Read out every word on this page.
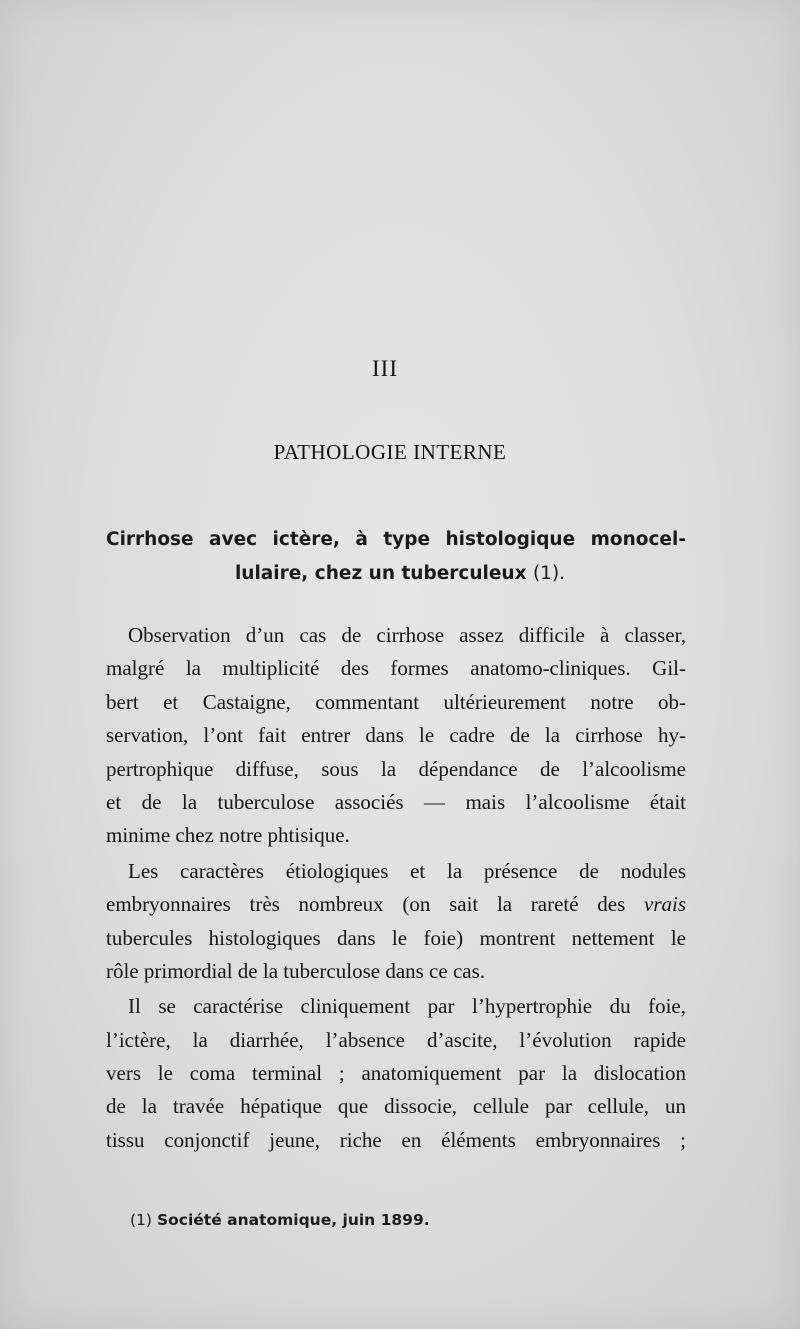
III
PATHOLOGIE INTERNE
Cirrhose avec ictère, à type histologique monocel-
lulaire, chez un tuberculeux (1).
Observation d’un cas de cirrhose assez difficile à classer,
malgré la multiplicité des formes anatomo-cliniques. Gil-
bert et Castaigne, commentant ultérieurement notre ob-
servation, l’ont fait entrer dans le cadre de la cirrhose hy-
pertrophique diffuse, sous la dépendance de l’alcoolisme
et de la tuberculose associés — mais l’alcoolisme était
minime chez notre phtisique.
Les caractères étiologiques et la présence de nodules
embryonnaires très nombreux (on sait la rareté des vrais
tubercules histologiques dans le foie) montrent nettement le
rôle primordial de la tuberculose dans ce cas.
Il se caractérise cliniquement par l’hypertrophie du foie,
l’ictère, la diarrhée, l’absence d’ascite, l’évolution rapide
vers le coma terminal ; anatomiquement par la dislocation
de la travée hépatique que dissocie, cellule par cellule, un
tissu conjonctif jeune, riche en éléments embryonnaires ;
(1) Société anatomique, juin 1899.
